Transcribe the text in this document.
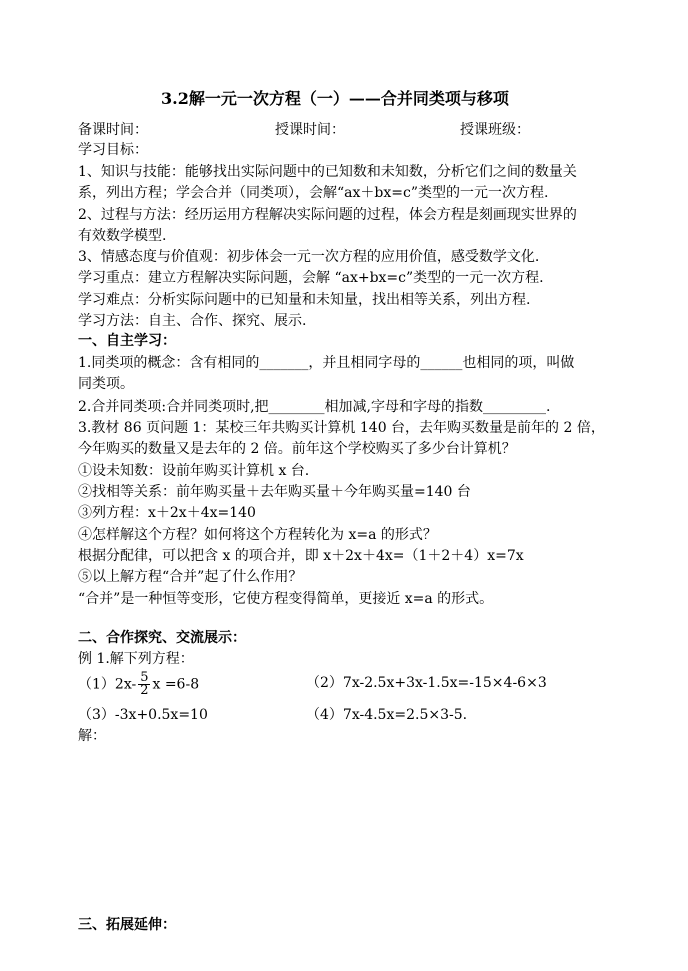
3.2解一元一次方程（一）——合并同类项与移项
备课时间：	授课时间：	授课班级：
学习目标：
1、知识与技能：能够找出实际问题中的已知数和未知数，分析它们之间的数量关
系，列出方程；学会合并（同类项），会解“ax＋bx=c”类型的一元一次方程.
2、过程与方法：经历运用方程解决实际问题的过程，体会方程是刻画现实世界的
有效数学模型.
3、情感态度与价值观：初步体会一元一次方程的应用价值，感受数学文化.
学习重点：建立方程解决实际问题，会解 “ax+bx=c”类型的一元一次方程.
学习难点：分析实际问题中的已知量和未知量，找出相等关系，列出方程.
学习方法：自主、合作、探究、展示.
一、自主学习：
1.同类项的概念：含有相同的_______，并且相同字母的______也相同的项，叫做
同类项。
2.合并同类项:合并同类项时,把________相加减,字母和字母的指数_________.
3.教材 86 页问题 1：某校三年共购买计算机 140 台，去年购买数量是前年的 2 倍，
今年购买的数量又是去年的 2 倍。前年这个学校购买了多少台计算机？
①设未知数：设前年购买计算机 x 台.
②找相等关系：前年购买量＋去年购买量＋今年购买量=140 台
③列方程：x＋2x＋4x=140
④怎样解这个方程？如何将这个方程转化为 x=a 的形式？
根据分配律，可以把含 x 的项合并，即 x＋2x＋4x=（1＋2＋4）x=7x
⑤以上解方程“合并”起了什么作用？
“合并”是一种恒等变形，它使方程变得简单，更接近 x=a 的形式。
二、合作探究、交流展示：
例 1.解下列方程：
$(1)2x- \frac{5}{2}$ x =6-8	（2）7x-2.5x+3x-1.5x=-15×4-6×3
（3）-3x+0.5x=10	（4）7x-4.5x=2.5×3-5.
解：
三、拓展延伸：
